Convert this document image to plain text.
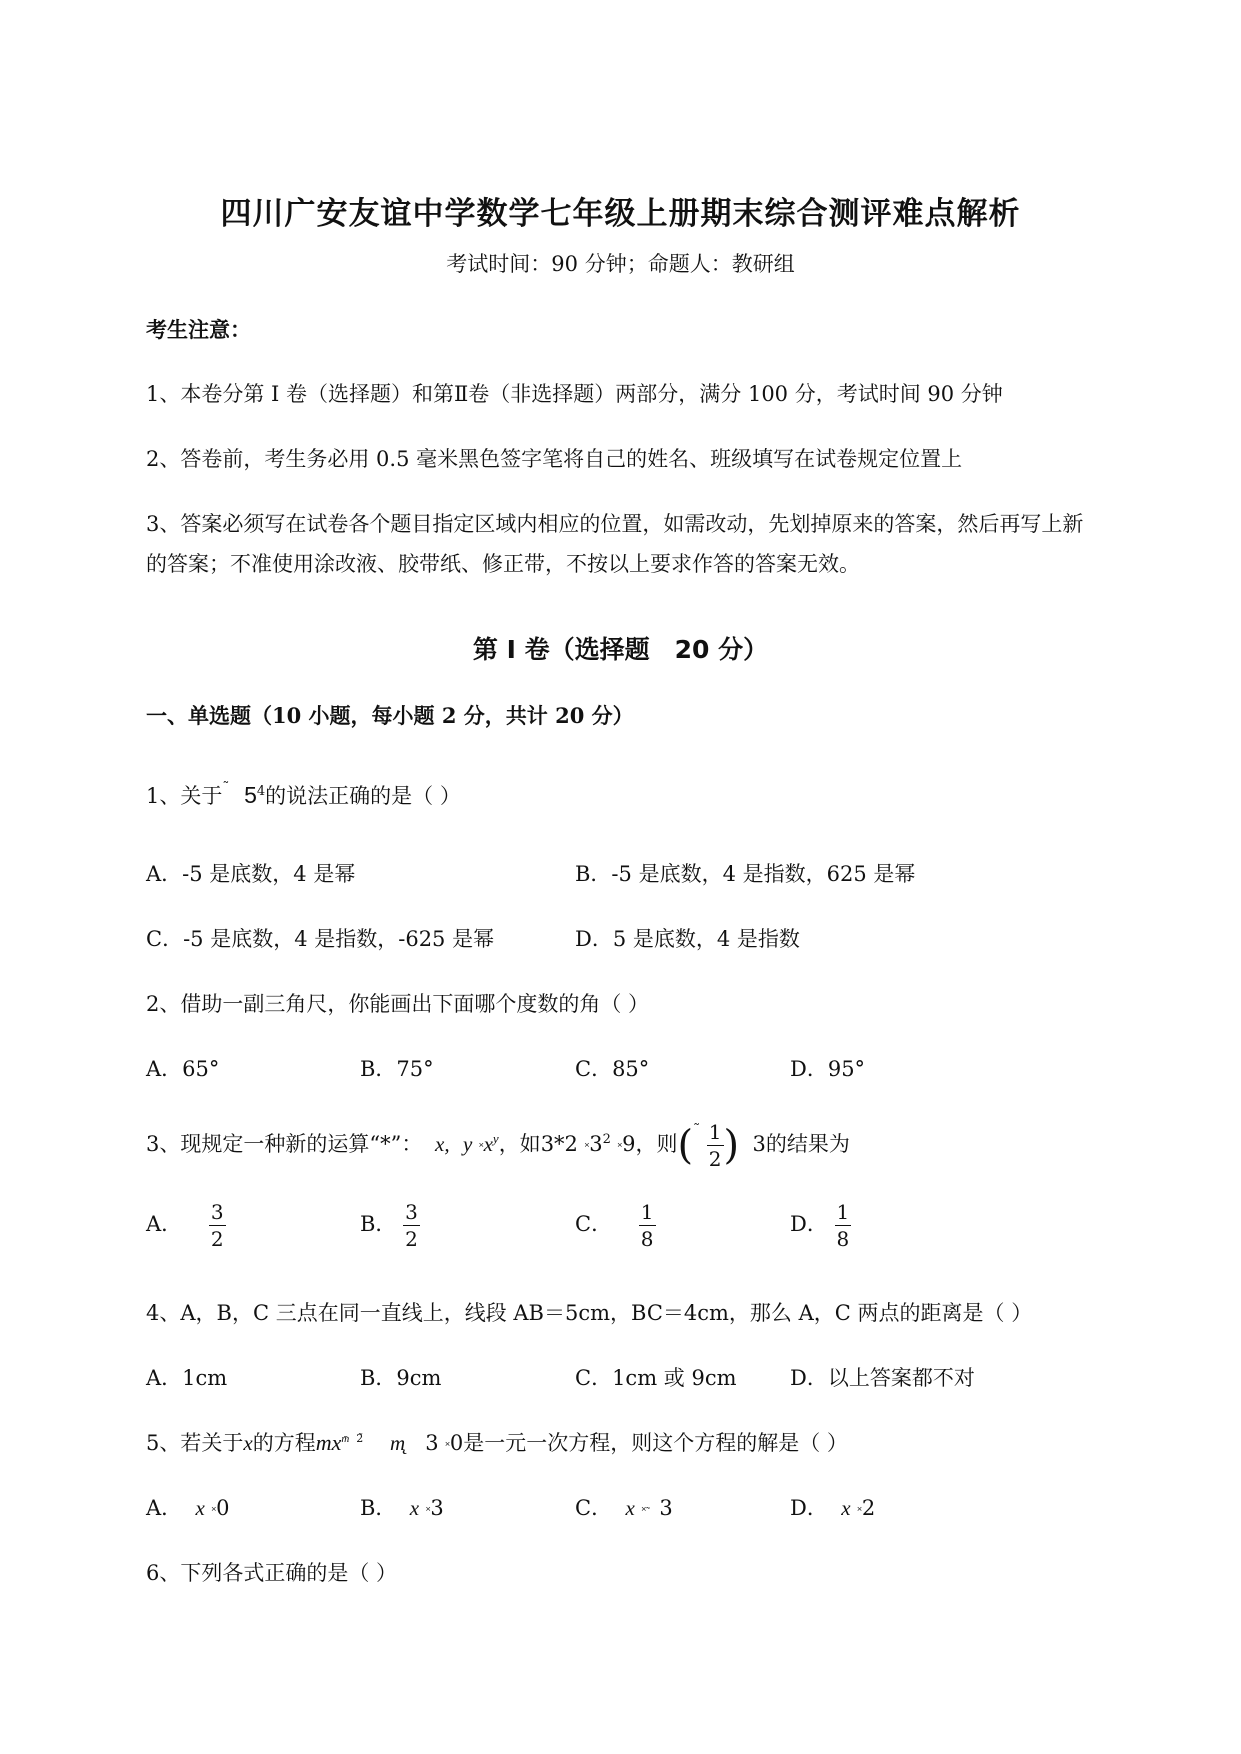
四川广安友谊中学数学七年级上册期末综合测评难点解析
考试时间：90 分钟；命题人：教研组
考生注意：
1、本卷分第 I 卷（选择题）和第Ⅱ卷（非选择题）两部分，满分 100 分，考试时间 90 分钟
2、答卷前，考生务必用 0.5 毫米黑色签字笔将自己的姓名、班级填写在试卷规定位置上
3、答案必须写在试卷各个题目指定区域内相应的位置，如需改动，先划掉原来的答案，然后再写上新
的答案；不准使用涂改液、胶带纸、修正带，不按以上要求作答的答案无效。
第 I 卷（选择题　20 分）
一、单选题（10 小题，每小题 2 分，共计 20 分）
1、关于˜ $5^4$的说法正确的是（ ）
A．-5 是底数，4 是幂	B．-5 是底数，4 是指数，625 是幂
C．-5 是底数，4 是指数，-625 是幂	D．5 是底数，4 是指数
2、借助一副三角尺，你能画出下面哪个度数的角（ ）
A．65°	B．75°	C．85°	D．95°
3、现规定一种新的运算“*”： x, y $˟x^y$，如3*2 $˟3^2$ ˟9，则($^˜ \frac{1}{2}$ )  3的结果为
A． $\frac{3}{2}$	B． $\frac{3}{2}$	C． $\frac{1}{8}$	D． $\frac{1}{8}$
4、A，B，C 三点在同一直线上，线段 AB＝5cm，BC＝4cm，那么 A，C 两点的距离是（ ）
A．1cm	B．9cm	C．1cm 或 9cm	D．以上答案都不对
5、若关于x的方程$mx^{m̄ 2̃}$ m̨   3 ˟0是一元一次方程，则这个方程的解是（ ）
A． x ˟0	B． x ˟3	C． x ˟̃ 3	D． x ˟2
6、下列各式正确的是（ ）
